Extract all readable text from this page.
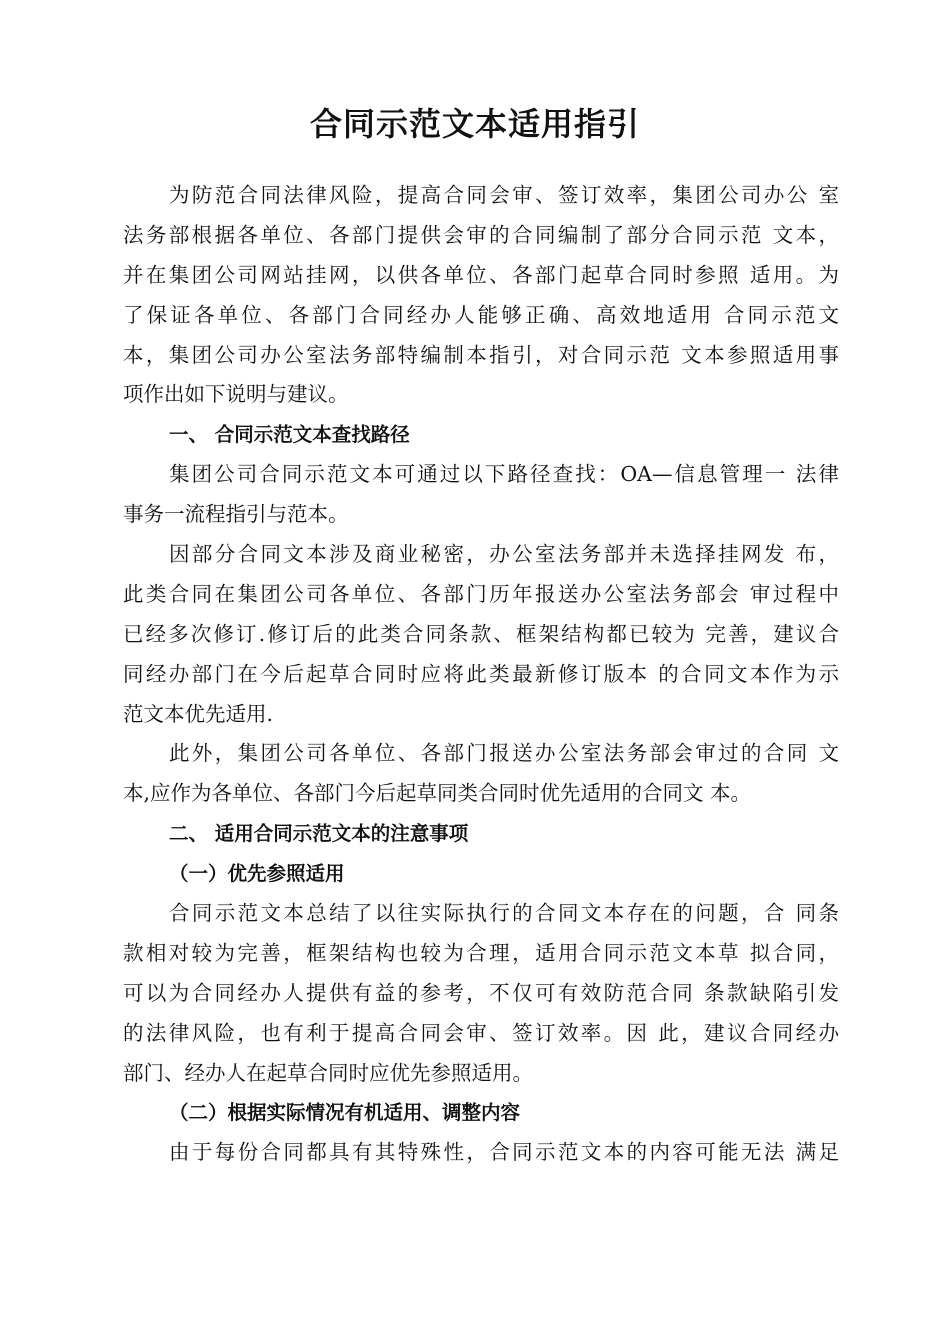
合同示范文本适用指引
为防范合同法律风险，提高合同会审、签订效率，集团公司办公 室
法务部根据各单位、各部门提供会审的合同编制了部分合同示范 文本，
并在集团公司网站挂网，以供各单位、各部门起草合同时参照 适用。为
了保证各单位、各部门合同经办人能够正确、高效地适用 合同示范文
本，集团公司办公室法务部特编制本指引，对合同示范 文本参照适用事
项作出如下说明与建议。
一、 合同示范文本查找路径
集团公司合同示范文本可通过以下路径查找：OA—信息管理一 法律
事务一流程指引与范本。
因部分合同文本涉及商业秘密，办公室法务部并未选择挂网发 布，
此类合同在集团公司各单位、各部门历年报送办公室法务部会 审过程中
已经多次修订.修订后的此类合同条款、框架结构都已较为 完善，建议合
同经办部门在今后起草合同时应将此类最新修订版本 的合同文本作为示
范文本优先适用.
此外，集团公司各单位、各部门报送办公室法务部会审过的合同 文
本,应作为各单位、各部门今后起草同类合同时优先适用的合同文 本。
二、 适用合同示范文本的注意事项
（一）优先参照适用
合同示范文本总结了以往实际执行的合同文本存在的问题，合 同条
款相对较为完善，框架结构也较为合理，适用合同示范文本草 拟合同，
可以为合同经办人提供有益的参考，不仅可有效防范合同 条款缺陷引发
的法律风险，也有利于提高合同会审、签订效率。因 此，建议合同经办
部门、经办人在起草合同时应优先参照适用。
（二）根据实际情况有机适用、调整内容
由于每份合同都具有其特殊性，合同示范文本的内容可能无法 满足
